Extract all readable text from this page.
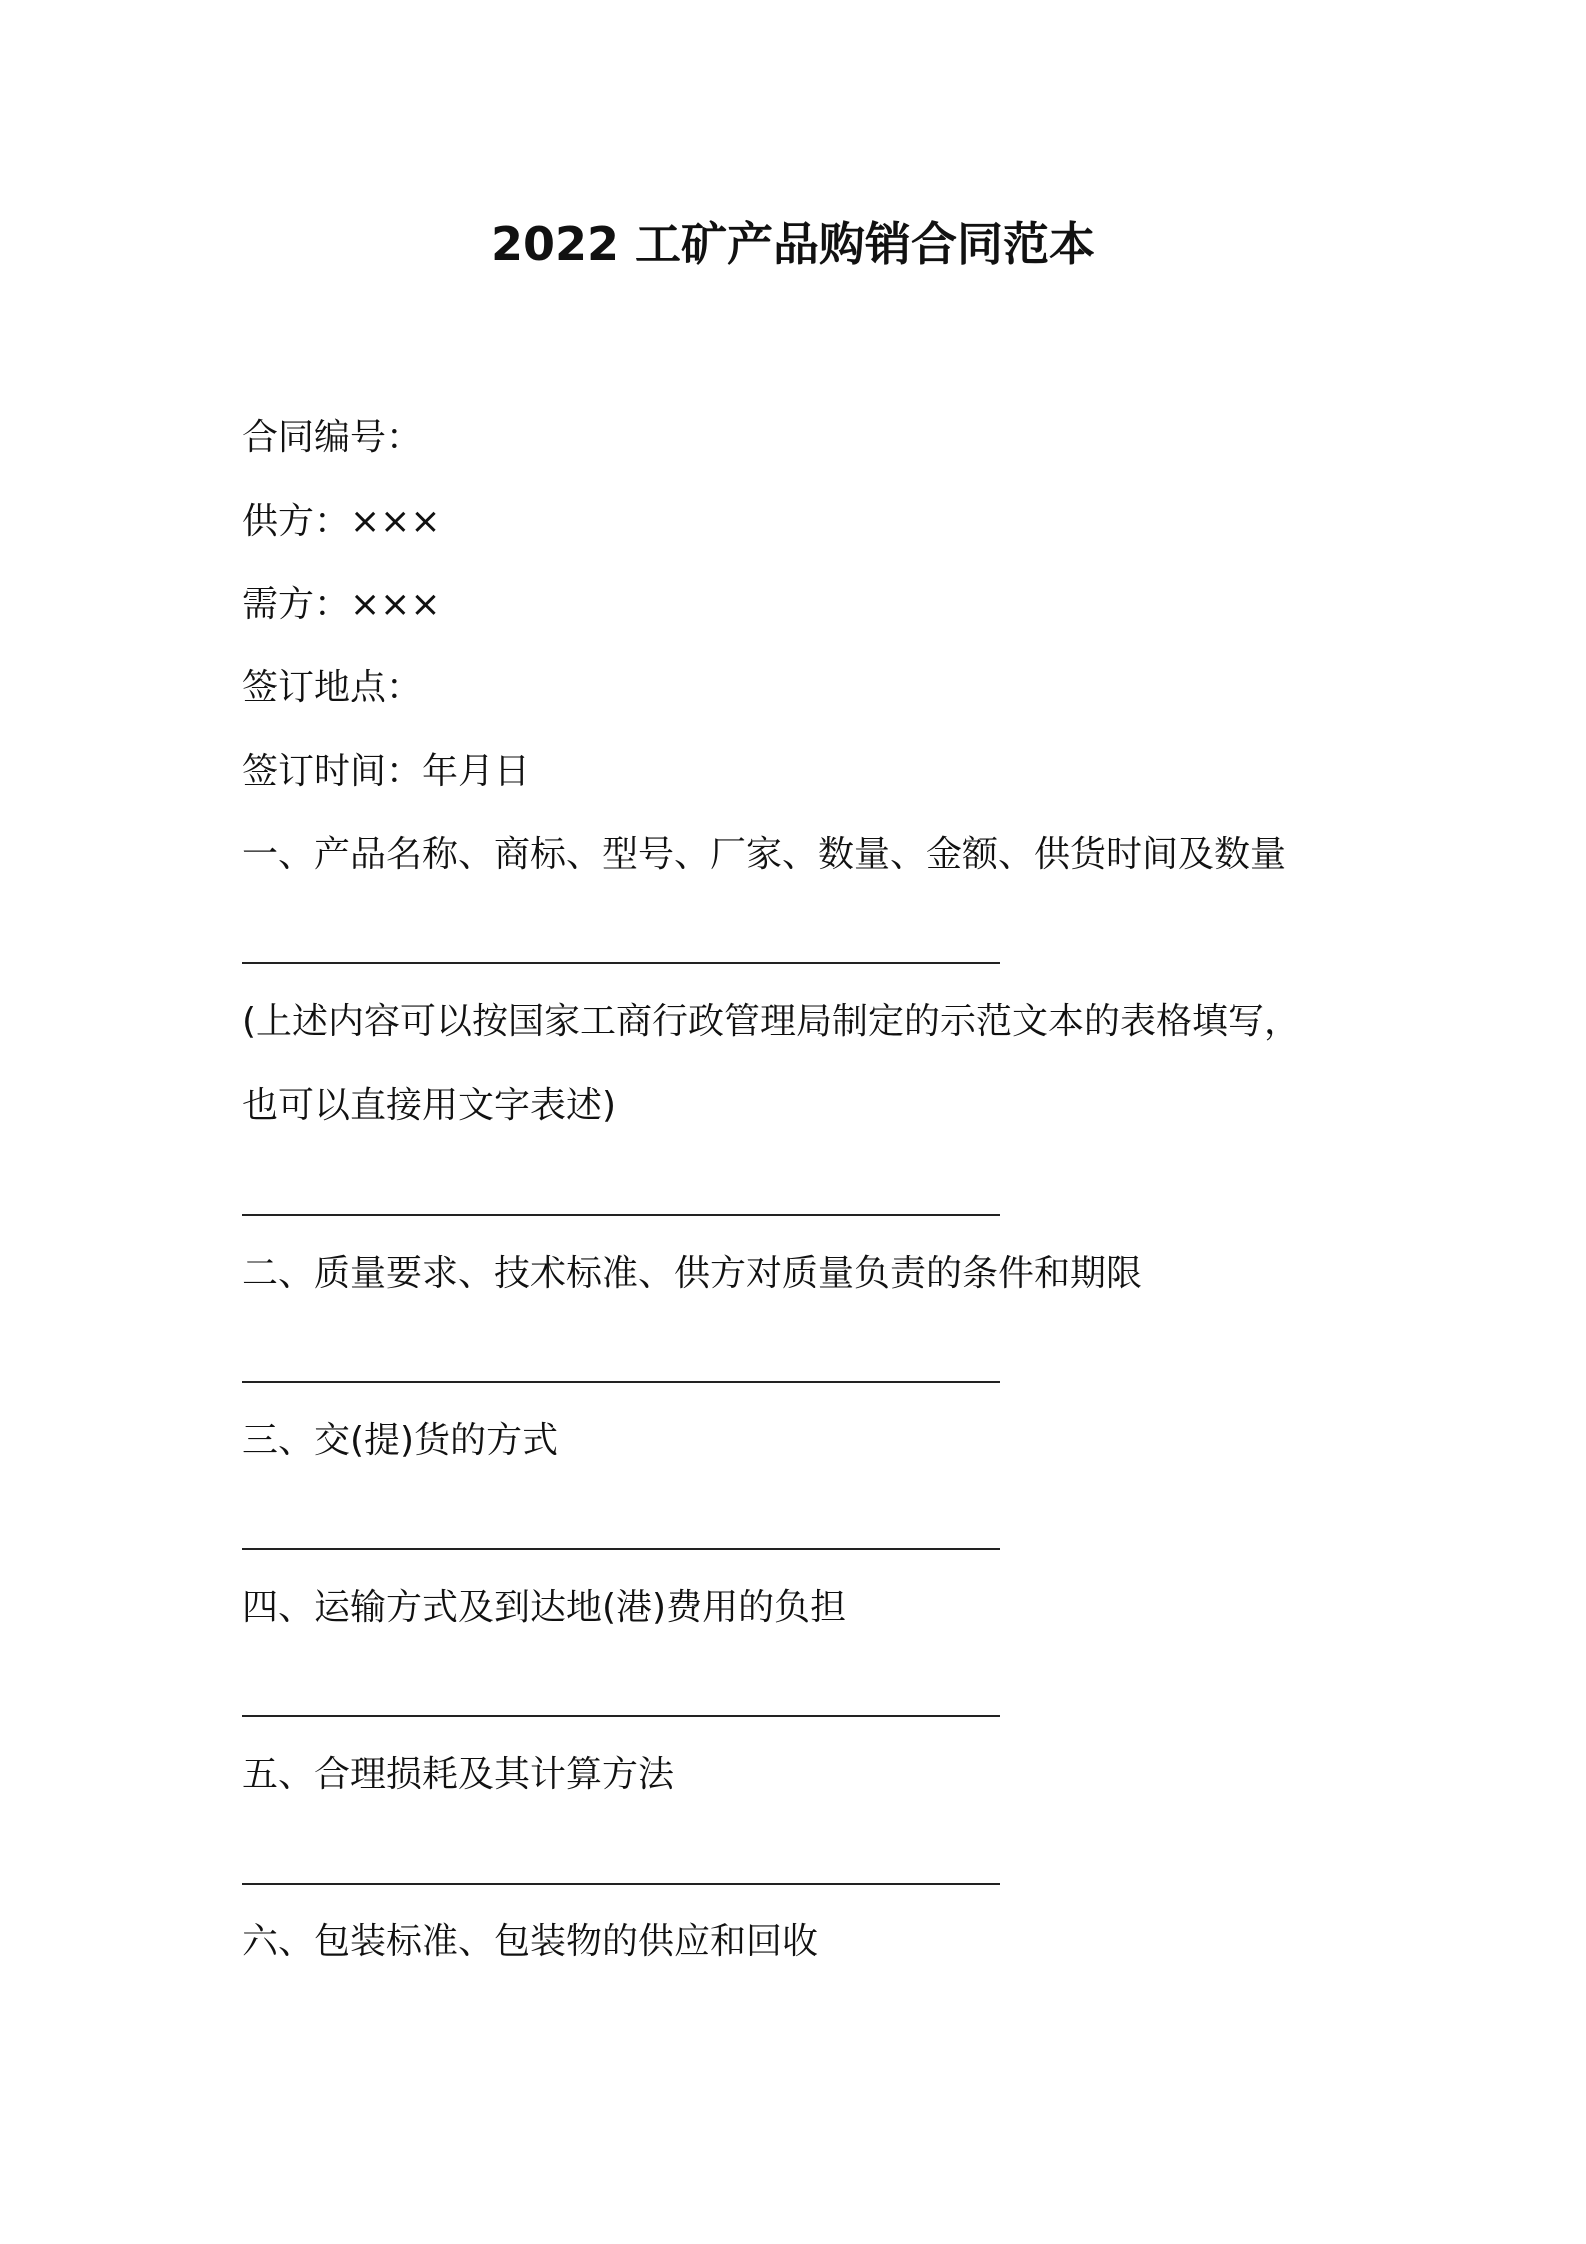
2022 工矿产品购销合同范本
合同编号：
供方：×××
需方：×××
签订地点：
签订时间：年月日
一、产品名称、商标、型号、厂家、数量、金额、供货时间及数量
(上述内容可以按国家工商行政管理局制定的示范文本的表格填写，
也可以直接用文字表述)
二、质量要求、技术标准、供方对质量负责的条件和期限
三、交(提)货的方式
四、运输方式及到达地(港)费用的负担
五、合理损耗及其计算方法
六、包装标准、包装物的供应和回收
